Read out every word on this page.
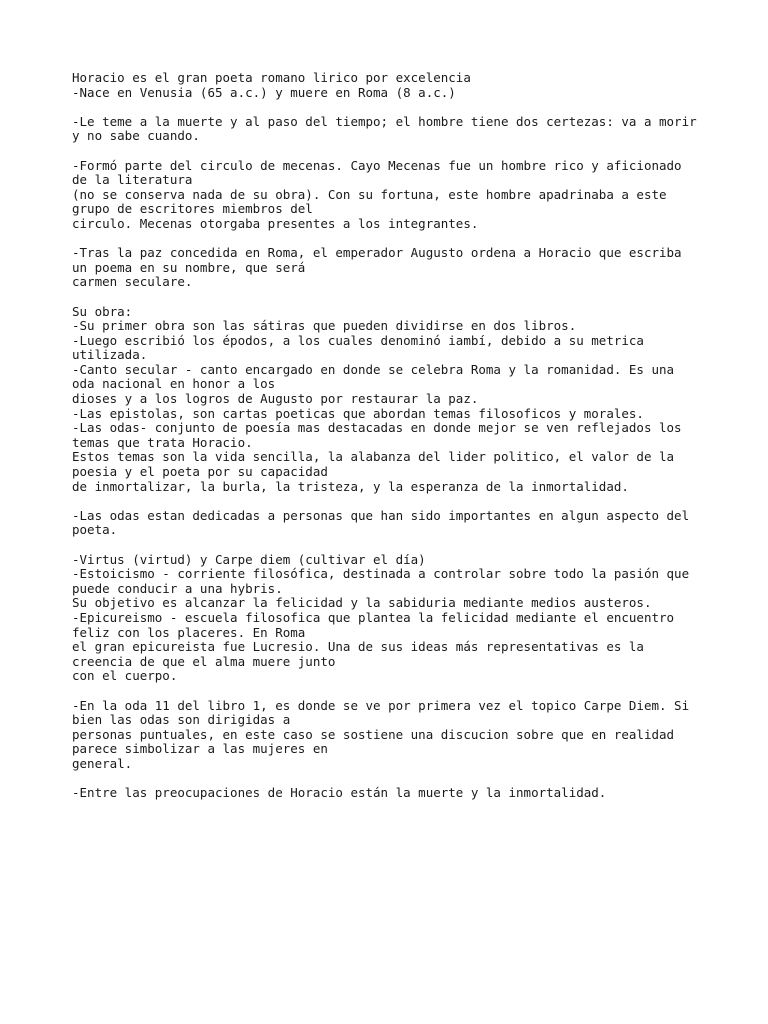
Horacio es el gran poeta romano lirico por excelencia
-Nace en Venusia (65 a.c.) y muere en Roma (8 a.c.)
-Le teme a la muerte y al paso del tiempo; el hombre tiene dos certezas: va a morir
y no sabe cuando.
-Formó parte del circulo de mecenas. Cayo Mecenas fue un hombre rico y aficionado
de la literatura
(no se conserva nada de su obra). Con su fortuna, este hombre apadrinaba a este
grupo de escritores miembros del
circulo. Mecenas otorgaba presentes a los integrantes.
-Tras la paz concedida en Roma, el emperador Augusto ordena a Horacio que escriba
un poema en su nombre, que será
carmen seculare.
Su obra:
-Su primer obra son las sátiras que pueden dividirse en dos libros.
-Luego escribió los épodos, a los cuales denominó iambí, debido a su metrica
utilizada.
-Canto secular - canto encargado en donde se celebra Roma y la romanidad. Es una
oda nacional en honor a los
dioses y a los logros de Augusto por restaurar la paz.
-Las epistolas, son cartas poeticas que abordan temas filosoficos y morales.
-Las odas- conjunto de poesía mas destacadas en donde mejor se ven reflejados los
temas que trata Horacio.
Estos temas son la vida sencilla, la alabanza del lider politico, el valor de la
poesia y el poeta por su capacidad
de inmortalizar, la burla, la tristeza, y la esperanza de la inmortalidad.
-Las odas estan dedicadas a personas que han sido importantes en algun aspecto del
poeta.
-Virtus (virtud) y Carpe diem (cultivar el día)
-Estoicismo - corriente filosófica, destinada a controlar sobre todo la pasión que
puede conducir a una hybris.
Su objetivo es alcanzar la felicidad y la sabiduria mediante medios austeros.
-Epicureismo - escuela filosofica que plantea la felicidad mediante el encuentro
feliz con los placeres. En Roma
el gran epicureista fue Lucresio. Una de sus ideas más representativas es la
creencia de que el alma muere junto
con el cuerpo.
-En la oda 11 del libro 1, es donde se ve por primera vez el topico Carpe Diem. Si
bien las odas son dirigidas a
personas puntuales, en este caso se sostiene una discucion sobre que en realidad
parece simbolizar a las mujeres en
general.
-Entre las preocupaciones de Horacio están la muerte y la inmortalidad.
